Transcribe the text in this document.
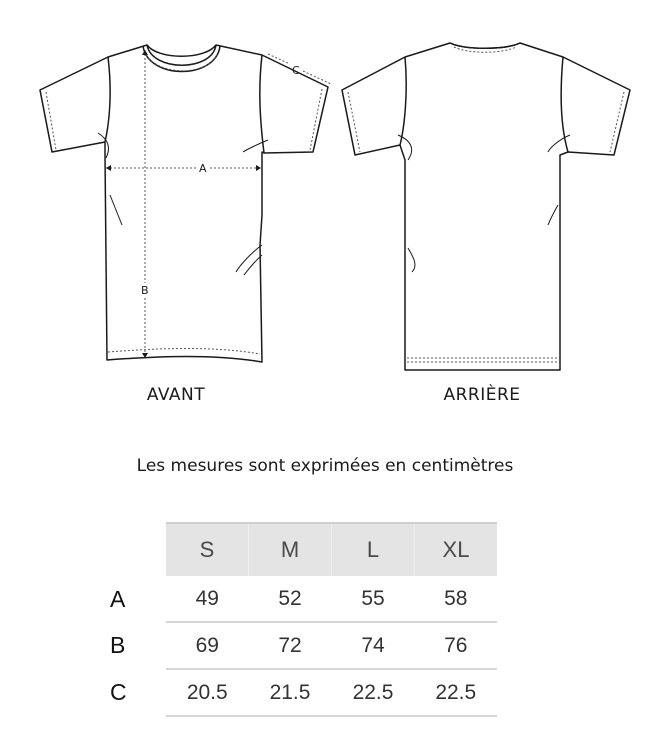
A
B
C
AVANT	ARRIÈRE
Les mesures sont exprimées en centimètres
	S	M	L	XL
A	49	52	55	58
B	69	72	74	76
C	20.5	21.5	22.5	22.5
